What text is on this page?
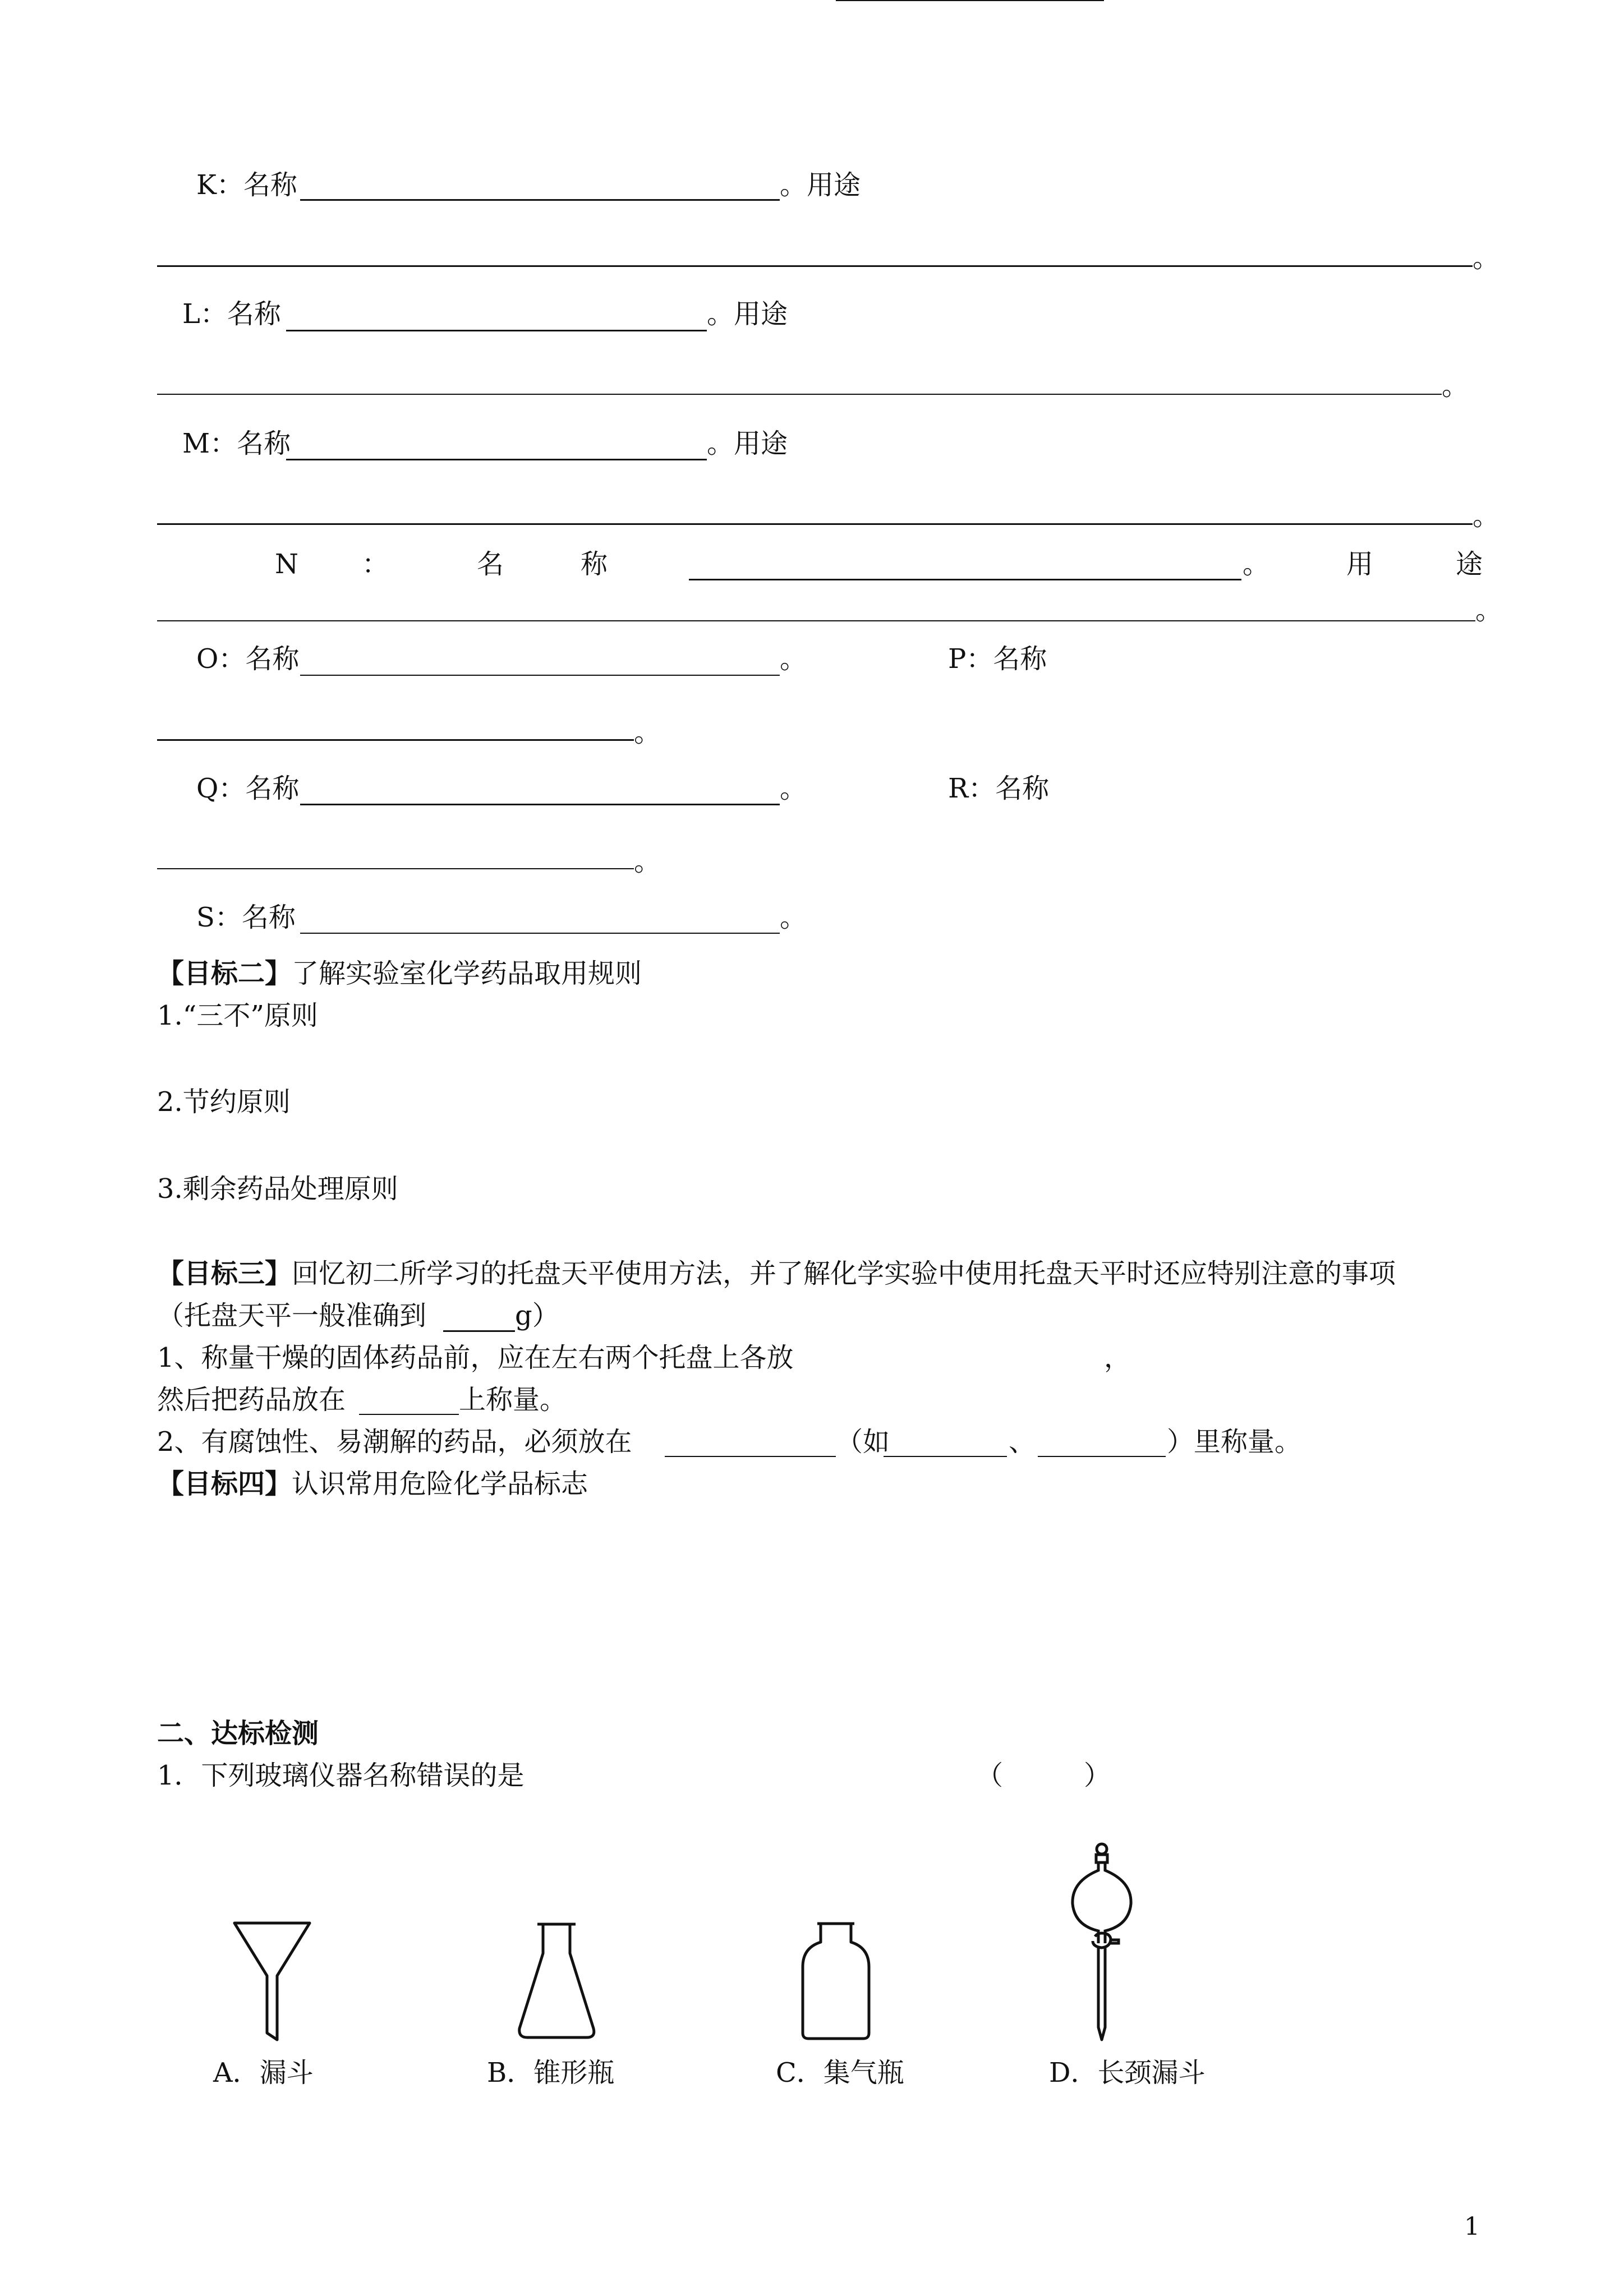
K：名称	。用途
。
L：名称	。用途
。
M：名称	。用途
。
N ：	名	称	。	用	途
。
O：名称	。	P：名称
。
Q：名称	。	R：名称
。
S：名称	。
【目标二】了解实验室化学药品取用规则
1.“三不”原则
2.节约原则
3.剩余药品处理原则
【目标三】回忆初二所学习的托盘天平使用方法，并了解化学实验中使用托盘天平时还应特别注意的事项
（托盘天平一般准确到	g）
1、称量干燥的固体药品前，应在左右两个托盘上各放	，
然后把药品放在	上称量。
2、有腐蚀性、易潮解的药品，必须放在	（如	、	）里称量。
【目标四】认识常用危险化学品标志
二、达标检测
1．下列玻璃仪器名称错误的是	（　　　）
A．漏斗	B．锥形瓶	C．集气瓶	D．长颈漏斗
1
